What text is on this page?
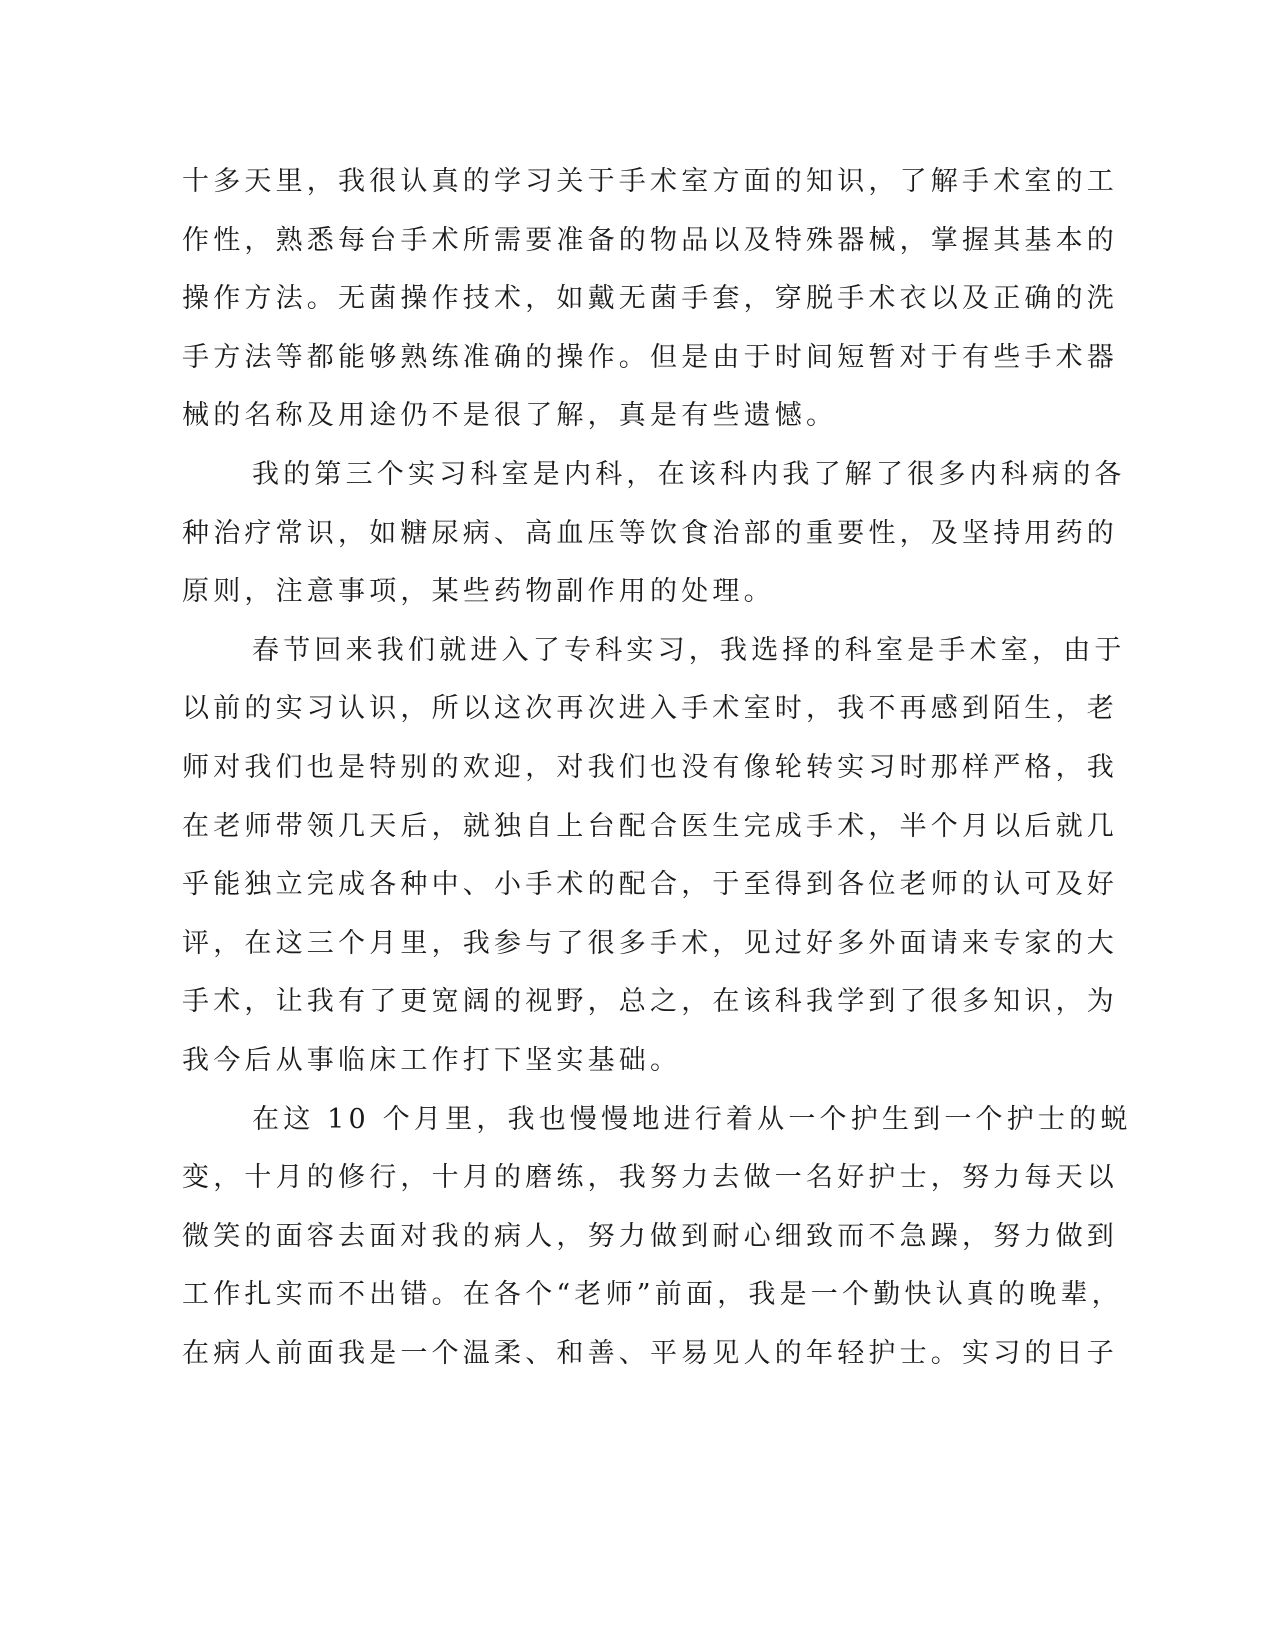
十多天里，我很认真的学习关于手术室方面的知识，了解手术室的工
作性，熟悉每台手术所需要准备的物品以及特殊器械，掌握其基本的
操作方法。无菌操作技术，如戴无菌手套，穿脱手术衣以及正确的洗
手方法等都能够熟练准确的操作。但是由于时间短暂对于有些手术器
械的名称及用途仍不是很了解，真是有些遗憾。
我的第三个实习科室是内科，在该科内我了解了很多内科病的各
种治疗常识，如糖尿病、高血压等饮食治部的重要性，及坚持用药的
原则，注意事项，某些药物副作用的处理。
春节回来我们就进入了专科实习，我选择的科室是手术室，由于
以前的实习认识，所以这次再次进入手术室时，我不再感到陌生，老
师对我们也是特别的欢迎，对我们也没有像轮转实习时那样严格，我
在老师带领几天后，就独自上台配合医生完成手术，半个月以后就几
乎能独立完成各种中、小手术的配合，于至得到各位老师的认可及好
评，在这三个月里，我参与了很多手术，见过好多外面请来专家的大
手术，让我有了更宽阔的视野，总之，在该科我学到了很多知识，为
我今后从事临床工作打下坚实基础。
在这 10 个月里，我也慢慢地进行着从一个护生到一个护士的蜕
变，十月的修行，十月的磨练，我努力去做一名好护士，努力每天以
微笑的面容去面对我的病人，努力做到耐心细致而不急躁，努力做到
工作扎实而不出错。在各个“老师”前面，我是一个勤快认真的晚辈，
在病人前面我是一个温柔、和善、平易见人的年轻护士。实习的日子
